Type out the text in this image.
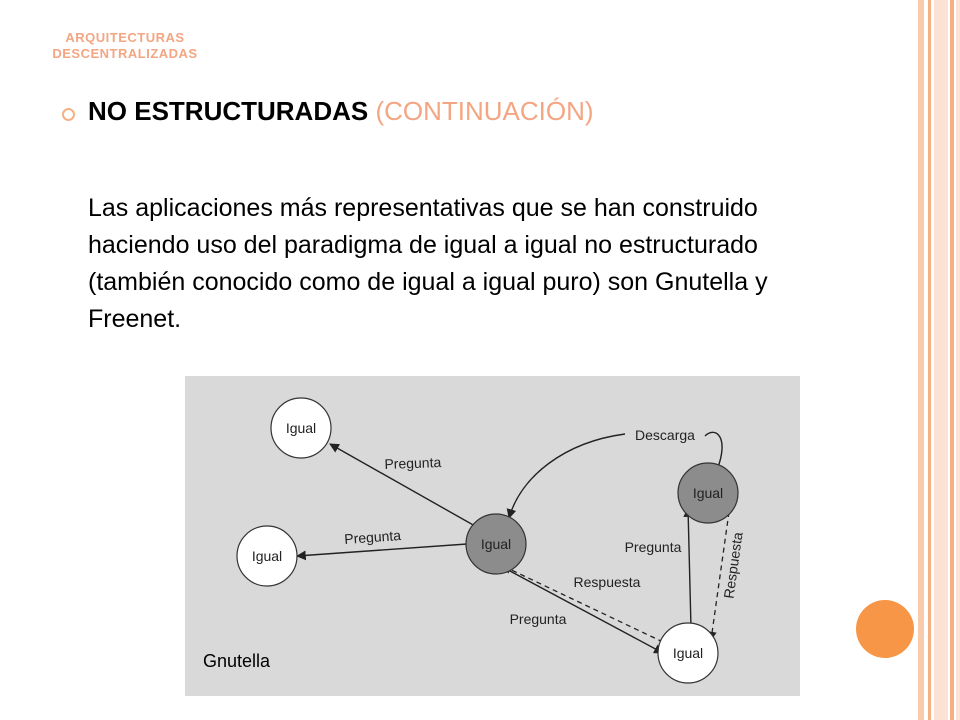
ARQUITECTURAS
DESCENTRALIZADAS
NO ESTRUCTURADAS (CONTINUACIÓN)
Las aplicaciones más representativas que se han construido haciendo uso del paradigma de igual a igual no estructurado (también conocido como de igual a igual puro) son Gnutella y Freenet.
Igual
Igual
Igual
Igual
Igual
Pregunta
Pregunta
Descarga
Pregunta
Respuesta
Pregunta
Respuesta
Gnutella
